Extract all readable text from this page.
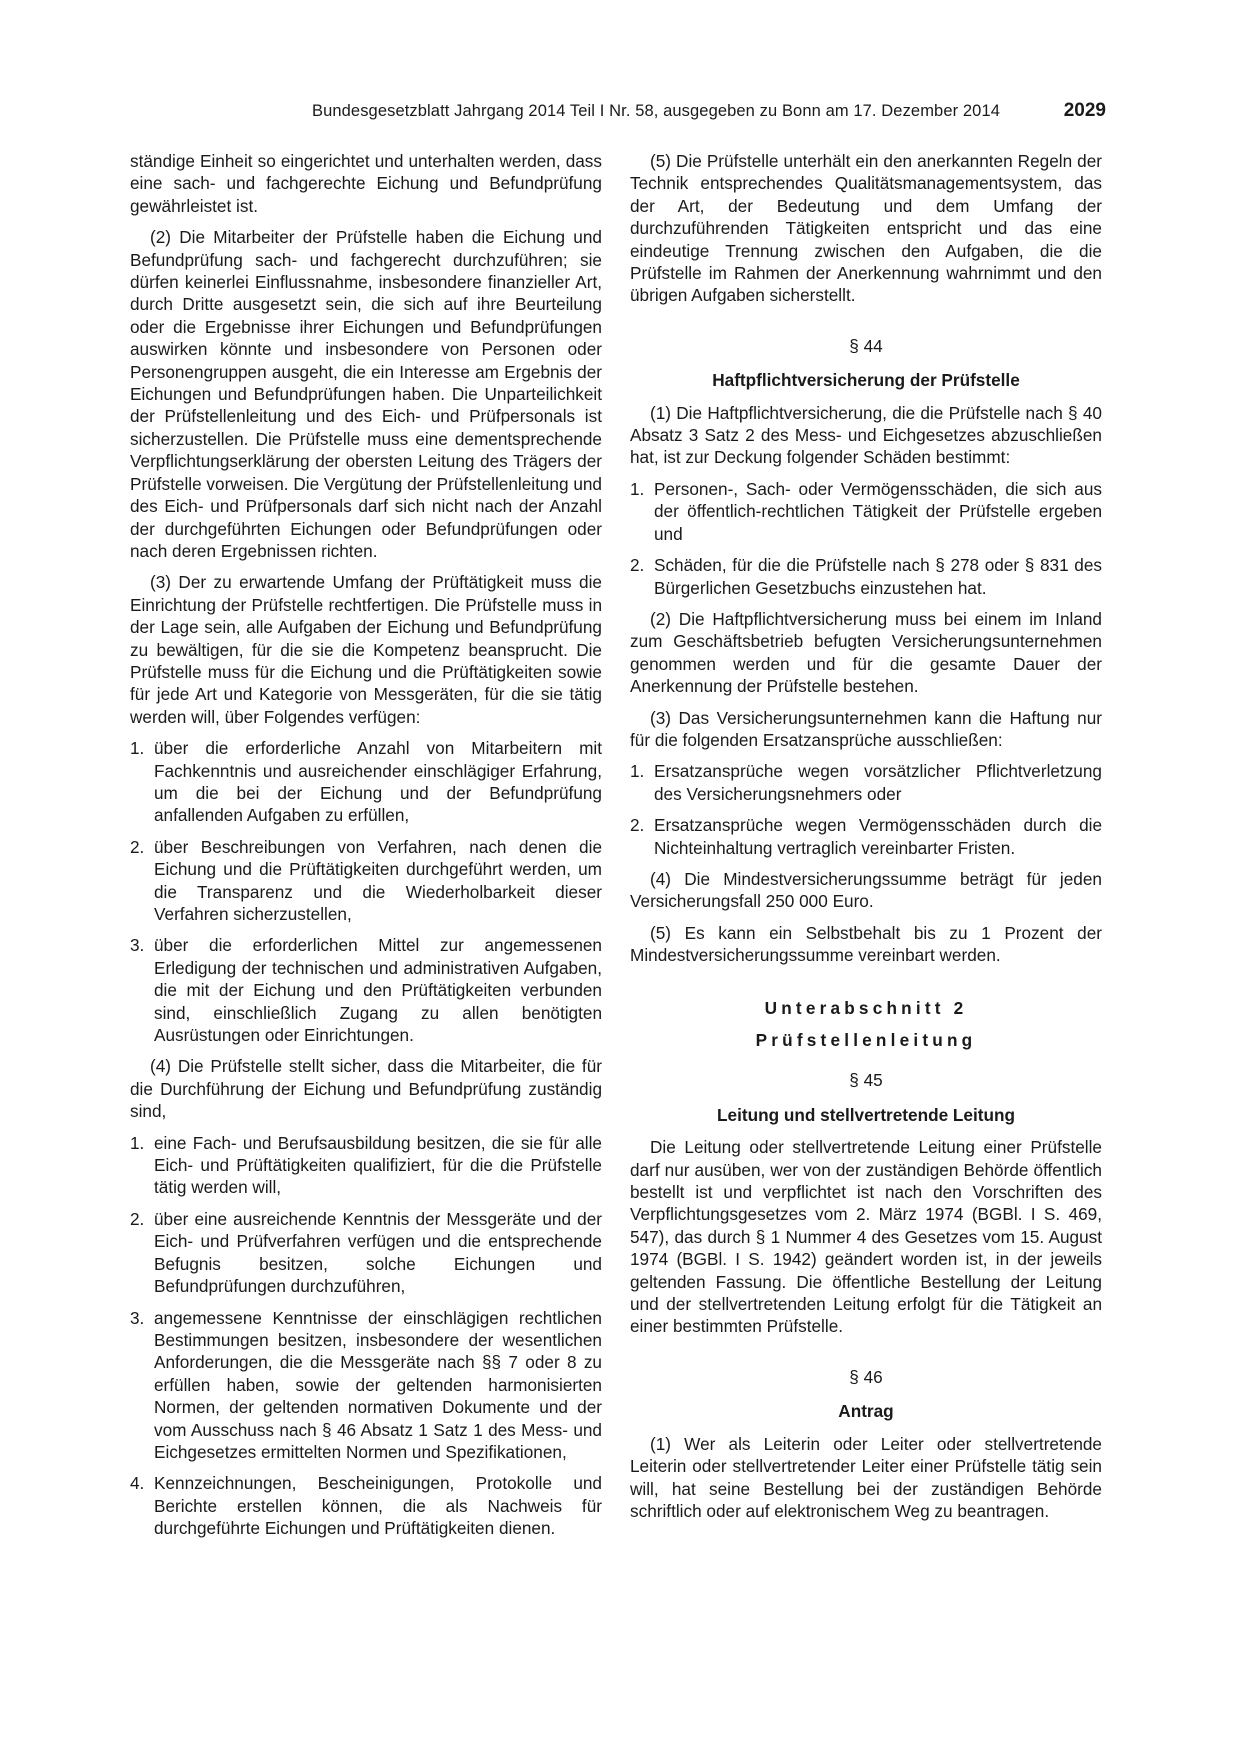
Bundesgesetzblatt Jahrgang 2014 Teil I Nr. 58, ausgegeben zu Bonn am 17. Dezember 2014	2029

ständige Einheit so eingerichtet und unterhalten werden, dass eine sach- und fachgerechte Eichung und Befundprüfung gewährleistet ist.

(2) Die Mitarbeiter der Prüfstelle haben die Eichung und Befundprüfung sach- und fachgerecht durchzuführen; sie dürfen keinerlei Einflussnahme, insbesondere finanzieller Art, durch Dritte ausgesetzt sein, die sich auf ihre Beurteilung oder die Ergebnisse ihrer Eichungen und Befundprüfungen auswirken könnte und insbesondere von Personen oder Personengruppen ausgeht, die ein Interesse am Ergebnis der Eichungen und Befundprüfungen haben. Die Unparteilichkeit der Prüfstellenleitung und des Eich- und Prüfpersonals ist sicherzustellen. Die Prüfstelle muss eine dementsprechende Verpflichtungserklärung der obersten Leitung des Trägers der Prüfstelle vorweisen. Die Vergütung der Prüfstellenleitung und des Eich- und Prüfpersonals darf sich nicht nach der Anzahl der durchgeführten Eichungen oder Befundprüfungen oder nach deren Ergebnissen richten.

(3) Der zu erwartende Umfang der Prüftätigkeit muss die Einrichtung der Prüfstelle rechtfertigen. Die Prüfstelle muss in der Lage sein, alle Aufgaben der Eichung und Befundprüfung zu bewältigen, für die sie die Kompetenz beansprucht. Die Prüfstelle muss für die Eichung und die Prüftätigkeiten sowie für jede Art und Kategorie von Messgeräten, für die sie tätig werden will, über Folgendes verfügen:

1. über die erforderliche Anzahl von Mitarbeitern mit Fachkenntnis und ausreichender einschlägiger Erfahrung, um die bei der Eichung und der Befundprüfung anfallenden Aufgaben zu erfüllen,
2. über Beschreibungen von Verfahren, nach denen die Eichung und die Prüftätigkeiten durchgeführt werden, um die Transparenz und die Wiederholbarkeit dieser Verfahren sicherzustellen,
3. über die erforderlichen Mittel zur angemessenen Erledigung der technischen und administrativen Aufgaben, die mit der Eichung und den Prüftätigkeiten verbunden sind, einschließlich Zugang zu allen benötigten Ausrüstungen oder Einrichtungen.

(4) Die Prüfstelle stellt sicher, dass die Mitarbeiter, die für die Durchführung der Eichung und Befundprüfung zuständig sind,

1. eine Fach- und Berufsausbildung besitzen, die sie für alle Eich- und Prüftätigkeiten qualifiziert, für die die Prüfstelle tätig werden will,
2. über eine ausreichende Kenntnis der Messgeräte und der Eich- und Prüfverfahren verfügen und die entsprechende Befugnis besitzen, solche Eichungen und Befundprüfungen durchzuführen,
3. angemessene Kenntnisse der einschlägigen rechtlichen Bestimmungen besitzen, insbesondere der wesentlichen Anforderungen, die die Messgeräte nach §§ 7 oder 8 zu erfüllen haben, sowie der geltenden harmonisierten Normen, der geltenden normativen Dokumente und der vom Ausschuss nach § 46 Absatz 1 Satz 1 des Mess- und Eichgesetzes ermittelten Normen und Spezifikationen,
4. Kennzeichnungen, Bescheinigungen, Protokolle und Berichte erstellen können, die als Nachweis für durchgeführte Eichungen und Prüftätigkeiten dienen.

(5) Die Prüfstelle unterhält ein den anerkannten Regeln der Technik entsprechendes Qualitätsmanagementsystem, das der Art, der Bedeutung und dem Umfang der durchzuführenden Tätigkeiten entspricht und das eine eindeutige Trennung zwischen den Aufgaben, die die Prüfstelle im Rahmen der Anerkennung wahrnimmt und den übrigen Aufgaben sicherstellt.

§ 44
Haftpflichtversicherung der Prüfstelle

(1) Die Haftpflichtversicherung, die die Prüfstelle nach § 40 Absatz 3 Satz 2 des Mess- und Eichgesetzes abzuschließen hat, ist zur Deckung folgender Schäden bestimmt:

1. Personen-, Sach- oder Vermögensschäden, die sich aus der öffentlich-rechtlichen Tätigkeit der Prüfstelle ergeben und
2. Schäden, für die die Prüfstelle nach § 278 oder § 831 des Bürgerlichen Gesetzbuchs einzustehen hat.

(2) Die Haftpflichtversicherung muss bei einem im Inland zum Geschäftsbetrieb befugten Versicherungsunternehmen genommen werden und für die gesamte Dauer der Anerkennung der Prüfstelle bestehen.

(3) Das Versicherungsunternehmen kann die Haftung nur für die folgenden Ersatzansprüche ausschließen:

1. Ersatzansprüche wegen vorsätzlicher Pflichtverletzung des Versicherungsnehmers oder
2. Ersatzansprüche wegen Vermögensschäden durch die Nichteinhaltung vertraglich vereinbarter Fristen.

(4) Die Mindestversicherungssumme beträgt für jeden Versicherungsfall 250 000 Euro.

(5) Es kann ein Selbstbehalt bis zu 1 Prozent der Mindestversicherungssumme vereinbart werden.

Unterabschnitt 2
Prüfstellenleitung
§ 45
Leitung und stellvertretende Leitung

Die Leitung oder stellvertretende Leitung einer Prüfstelle darf nur ausüben, wer von der zuständigen Behörde öffentlich bestellt ist und verpflichtet ist nach den Vorschriften des Verpflichtungsgesetzes vom 2. März 1974 (BGBl. I S. 469, 547), das durch § 1 Nummer 4 des Gesetzes vom 15. August 1974 (BGBl. I S. 1942) geändert worden ist, in der jeweils geltenden Fassung. Die öffentliche Bestellung der Leitung und der stellvertretenden Leitung erfolgt für die Tätigkeit an einer bestimmten Prüfstelle.

§ 46
Antrag

(1) Wer als Leiterin oder Leiter oder stellvertretende Leiterin oder stellvertretender Leiter einer Prüfstelle tätig sein will, hat seine Bestellung bei der zuständigen Behörde schriftlich oder auf elektronischem Weg zu beantragen.
